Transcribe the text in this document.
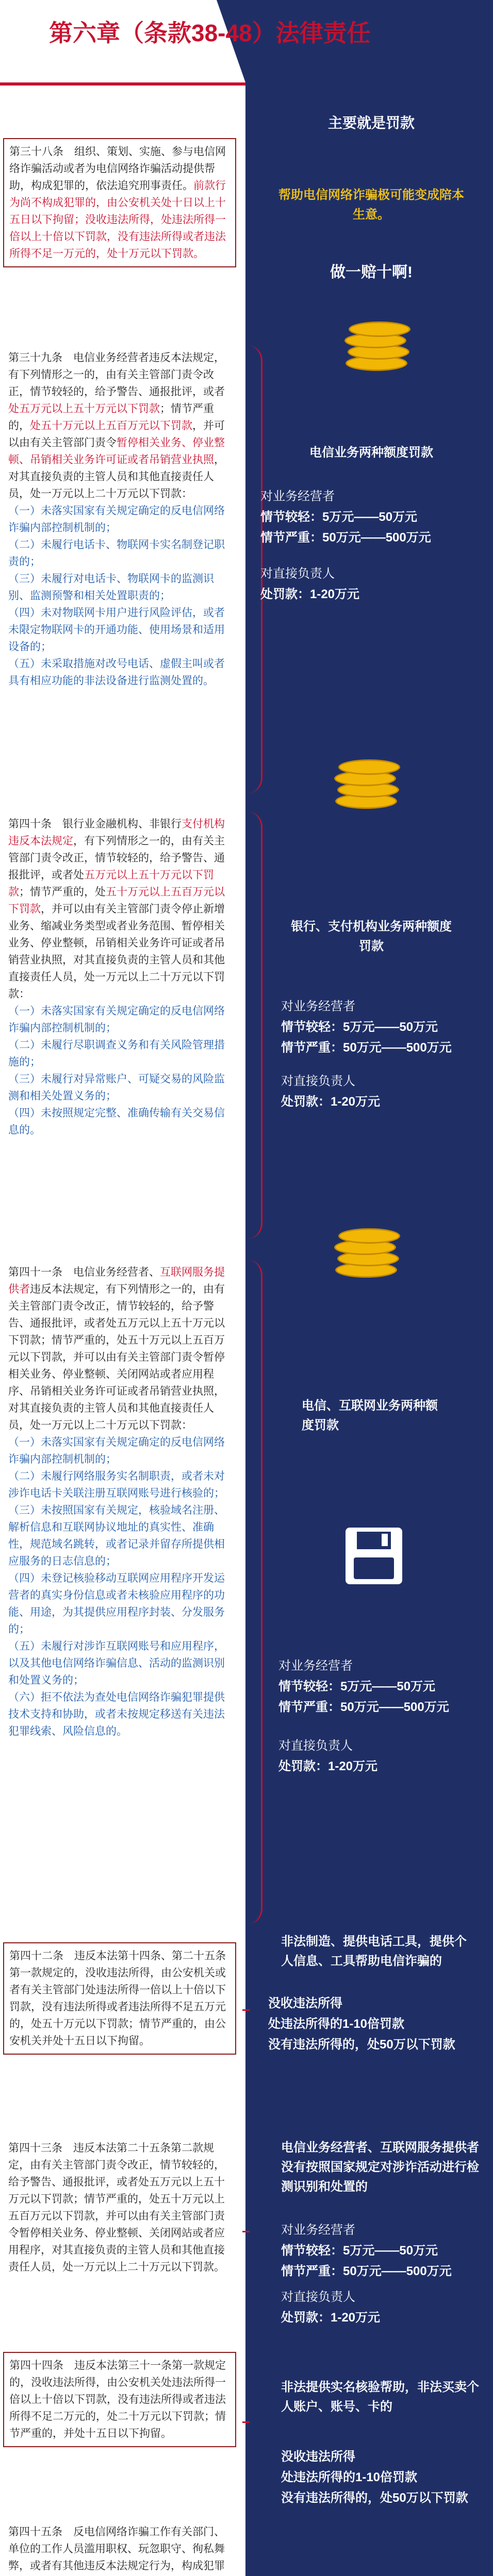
第六章（条款38-48）法律责任
第三十八条　组织、策划、实施、参与电信网络诈骗活动或者为电信网络诈骗活动提供帮助，构成犯罪的，依法追究刑事责任。前款行为尚不构成犯罪的，由公安机关处十日以上十五日以下拘留；没收违法所得，处违法所得一倍以上十倍以下罚款，没有违法所得或者违法所得不足一万元的，处十万元以下罚款。
第三十九条　电信业务经营者违反本法规定，有下列情形之一的，由有关主管部门责令改正，情节较轻的，给予警告、通报批评，或者处五万元以上五十万元以下罚款；情节严重的，处五十万元以上五百万元以下罚款，并可以由有关主管部门责令暂停相关业务、停业整顿、吊销相关业务许可证或者吊销营业执照，对其直接负责的主管人员和其他直接责任人员，处一万元以上二十万元以下罚款：
（一）未落实国家有关规定确定的反电信网络诈骗内部控制机制的；
（二）未履行电话卡、物联网卡实名制登记职责的；
（三）未履行对电话卡、物联网卡的监测识别、监测预警和相关处置职责的；
（四）未对物联网卡用户进行风险评估，或者未限定物联网卡的开通功能、使用场景和适用设备的；
（五）未采取措施对改号电话、虚假主叫或者具有相应功能的非法设备进行监测处置的。
第四十条　银行业金融机构、非银行支付机构违反本法规定，有下列情形之一的，由有关主管部门责令改正，情节较轻的，给予警告、通报批评，或者处五万元以上五十万元以下罚款；情节严重的，处五十万元以上五百万元以下罚款，并可以由有关主管部门责令停止新增业务、缩减业务类型或者业务范围、暂停相关业务、停业整顿，吊销相关业务许可证或者吊销营业执照，对其直接负责的主管人员和其他直接责任人员，处一万元以上二十万元以下罚款：
（一）未落实国家有关规定确定的反电信网络诈骗内部控制机制的；
（二）未履行尽职调查义务和有关风险管理措施的；
（三）未履行对异常账户、可疑交易的风险监测和相关处置义务的；
（四）未按照规定完整、准确传输有关交易信息的。
第四十一条　电信业务经营者、互联网服务提供者违反本法规定，有下列情形之一的，由有关主管部门责令改正，情节较轻的，给予警告、通报批评，或者处五万元以上五十万元以下罚款；情节严重的，处五十万元以上五百万元以下罚款，并可以由有关主管部门责令暂停相关业务、停业整顿、关闭网站或者应用程序、吊销相关业务许可证或者吊销营业执照，对其直接负责的主管人员和其他直接责任人员，处一万元以上二十万元以下罚款：
（一）未落实国家有关规定确定的反电信网络诈骗内部控制机制的；
（二）未履行网络服务实名制职责，或者未对涉诈电话卡关联注册互联网账号进行核验的；
（三）未按照国家有关规定，核验域名注册、解析信息和互联网协议地址的真实性、准确性，规范域名跳转，或者记录并留存所提供相应服务的日志信息的；
（四）未登记核验移动互联网应用程序开发运营者的真实身份信息或者未核验应用程序的功能、用途，为其提供应用程序封装、分发服务的；
（五）未履行对涉诈互联网账号和应用程序，以及其他电信网络诈骗信息、活动的监测识别和处置义务的；
（六）拒不依法为查处电信网络诈骗犯罪提供技术支持和协助，或者未按规定移送有关违法犯罪线索、风险信息的。
第四十二条　违反本法第十四条、第二十五条第一款规定的，没收违法所得，由公安机关或者有关主管部门处违法所得一倍以上十倍以下罚款，没有违法所得或者违法所得不足五万元的，处五十万元以下罚款；情节严重的，由公安机关并处十五日以下拘留。
第四十三条　违反本法第二十五条第二款规定，由有关主管部门责令改正，情节较轻的，给予警告、通报批评，或者处五万元以上五十万元以下罚款；情节严重的，处五十万元以上五百万元以下罚款，并可以由有关主管部门责令暂停相关业务、停业整顿、关闭网站或者应用程序，对其直接负责的主管人员和其他直接责任人员，处一万元以上二十万元以下罚款。
第四十四条　违反本法第三十一条第一款规定的，没收违法所得，由公安机关处违法所得一倍以上十倍以下罚款，没有违法所得或者违法所得不足二万元的，处二十万元以下罚款；情节严重的，并处十五日以下拘留。
第四十五条　反电信网络诈骗工作有关部门、单位的工作人员滥用职权、玩忽职守、徇私舞弊，或者有其他违反本法规定行为，构成犯罪
主要就是罚款
帮助电信网络诈骗极可能变成陪本生意。
做一赔十啊!
电信业务两种额度罚款
对业务经营者
情节较轻：5万元——50万元
情节严重：50万元——500万元
对直接负责人
处罚款：1-20万元
银行、支付机构业务两种额度罚款
对业务经营者
情节较轻：5万元——50万元
情节严重：50万元——500万元
对直接负责人
处罚款：1-20万元
电信、互联网业务两种额度罚款
对业务经营者
情节较轻：5万元——50万元
情节严重：50万元——500万元
对直接负责人
处罚款：1-20万元
非法制造、提供电话工具，提供个人信息、工具帮助电信诈骗的
没收违法所得
处违法所得的1-10倍罚款
没有违法所得的，处50万以下罚款
电信业务经营者、互联网服务提供者没有按照国家规定对涉诈活动进行检测识别和处置的
对业务经营者
情节较轻：5万元——50万元
情节严重：50万元——500万元
对直接负责人
处罚款：1-20万元
非法提供实名核验帮助，非法买卖个人账户、账号、卡的
没收违法所得
处违法所得的1-10倍罚款
没有违法所得的，处50万以下罚款
